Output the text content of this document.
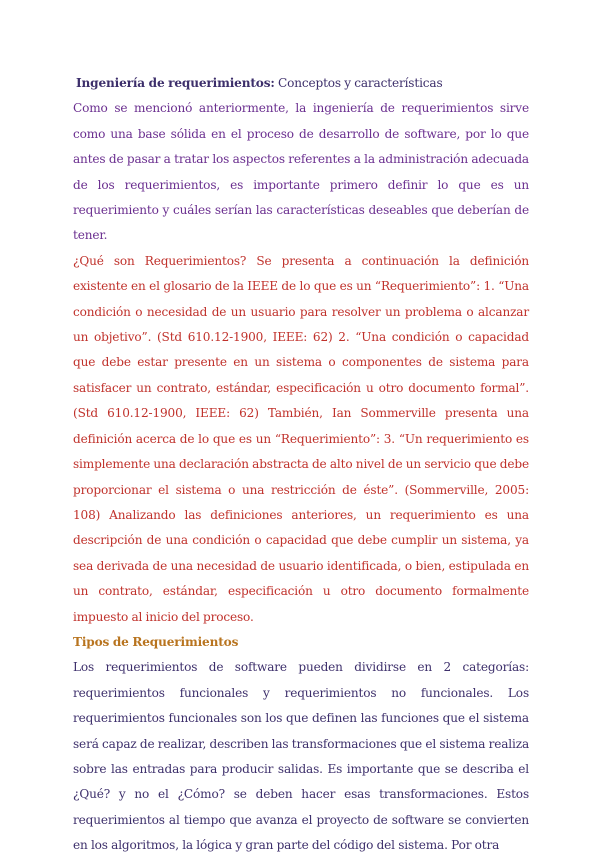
Ingeniería de requerimientos: Conceptos y características

Como se mencionó anteriormente, la ingeniería de requerimientos sirve como una base sólida en el proceso de desarrollo de software, por lo que antes de pasar a tratar los aspectos referentes a la administración adecuada de los requerimientos, es importante primero definir lo que es un requerimiento y cuáles serían las características deseables que deberían de tener.

¿Qué son Requerimientos? Se presenta a continuación la definición existente en el glosario de la IEEE de lo que es un “Requerimiento”: 1. “Una condición o necesidad de un usuario para resolver un problema o alcanzar un objetivo”. (Std 610.12-1900, IEEE: 62) 2. “Una condición o capacidad que debe estar presente en un sistema o componentes de sistema para satisfacer un contrato, estándar, especificación u otro documento formal”. (Std 610.12-1900, IEEE: 62) También, Ian Sommerville presenta una definición acerca de lo que es un “Requerimiento”: 3. “Un requerimiento es simplemente una declaración abstracta de alto nivel de un servicio que debe proporcionar el sistema o una restricción de éste”. (Sommerville, 2005: 108) Analizando las definiciones anteriores, un requerimiento es una descripción de una condición o capacidad que debe cumplir un sistema, ya sea derivada de una necesidad de usuario identificada, o bien, estipulada en un contrato, estándar, especificación u otro documento formalmente impuesto al inicio del proceso.

Tipos de Requerimientos

Los requerimientos de software pueden dividirse en 2 categorías: requerimientos funcionales y requerimientos no funcionales. Los requerimientos funcionales son los que definen las funciones que el sistema será capaz de realizar, describen las transformaciones que el sistema realiza sobre las entradas para producir salidas. Es importante que se describa el ¿Qué? y no el ¿Cómo? se deben hacer esas transformaciones. Estos requerimientos al tiempo que avanza el proyecto de software se convierten en los algoritmos, la lógica y gran parte del código del sistema. Por otra
